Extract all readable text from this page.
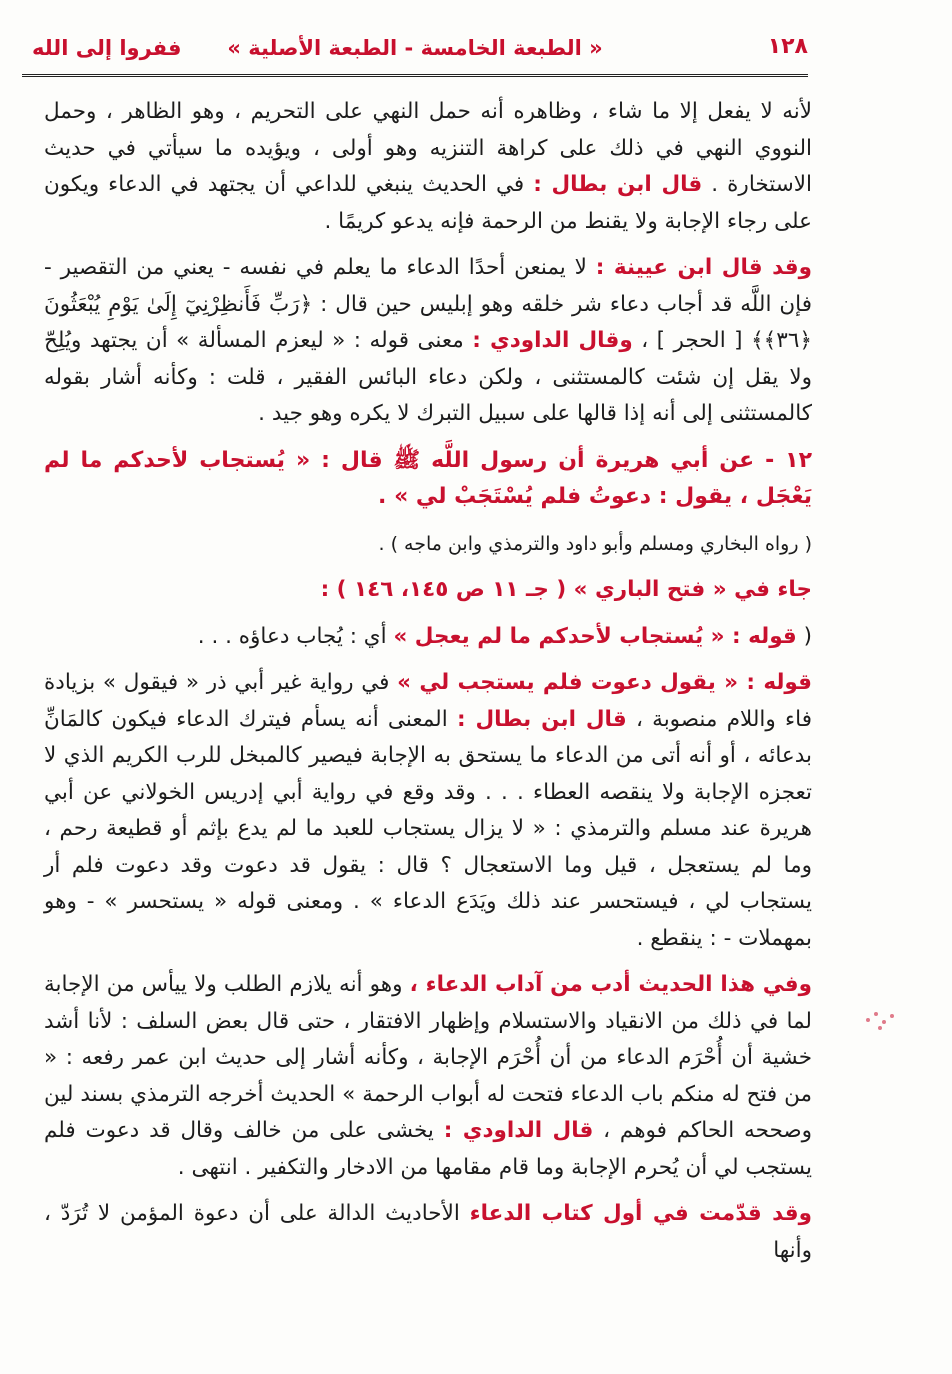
١٢٨
« الطبعة الخامسة - الطبعة الأصلية »
ففروا إلى الله

لأنه لا يفعل إلا ما شاء ، وظاهره أنه حمل النهي على التحريم ، وهو الظاهر ، وحمل النووي النهي في ذلك على كراهة التنزيه وهو أولى ، ويؤيده ما سيأتي في حديث الاستخارة . قال ابن بطال : في الحديث ينبغي للداعي أن يجتهد في الدعاء ويكون على رجاء الإجابة ولا يقنط من الرحمة فإنه يدعو كريمًا .

وقد قال ابن عيينة : لا يمنعن أحدًا الدعاء ما يعلم في نفسه - يعني من التقصير - فإن اللَّه قد أجاب دعاء شر خلقه وهو إبليس حين قال : ﴿رَبِّ فَأَنظِرْنِيٓ إِلَىٰ يَوْمِ يُبْعَثُونَ ﴿٣٦﴾﴾ [ الحجر ] ، وقال الداودي : معنى قوله : « ليعزم المسألة » أن يجتهد ويُلِحّ ولا يقل إن شئت كالمستثنى ، ولكن دعاء البائس الفقير ، قلت : وكأنه أشار بقوله كالمستثنى إلى أنه إذا قالها على سبيل التبرك لا يكره وهو جيد .

١٢ - عن أبي هريرة أن رسول اللَّه ﷺ قال : « يُستجاب لأحدكم ما لم يَعْجَل ، يقول : دعوتُ فلم يُسْتَجَبْ لي » .

( رواه البخاري ومسلم وأبو داود والترمذي وابن ماجه ) .

جاء في « فتح الباري » ( جـ ١١ ص ١٤٥، ١٤٦ ) :

( قوله : « يُستجاب لأحدكم ما لم يعجل » أي : يُجاب دعاؤه . . .

قوله : « يقول دعوت فلم يستجب لي » في رواية غير أبي ذر « فيقول » بزيادة فاء واللام منصوبة ، قال ابن بطال : المعنى أنه يسأم فيترك الدعاء فيكون كالمَانِّ بدعائه ، أو أنه أتى من الدعاء ما يستحق به الإجابة فيصير كالمبخل للرب الكريم الذي لا تعجزه الإجابة ولا ينقصه العطاء . . . وقد وقع في رواية أبي إدريس الخولاني عن أبي هريرة عند مسلم والترمذي : « لا يزال يستجاب للعبد ما لم يدع بإثم أو قطيعة رحم ، وما لم يستعجل ، قيل وما الاستعجال ؟ قال : يقول قد دعوت وقد دعوت فلم أر يستجاب لي ، فيستحسر عند ذلك ويَدَع الدعاء » . ومعنى قوله « يستحسر » - وهو بمهملات - : ينقطع .

وفي هذا الحديث أدب من آداب الدعاء ، وهو أنه يلازم الطلب ولا ييأس من الإجابة لما في ذلك من الانقياد والاستسلام وإظهار الافتقار ، حتى قال بعض السلف : لأنا أشد خشية أن أُحْرَم الدعاء من أن أُحْرَم الإجابة ، وكأنه أشار إلى حديث ابن عمر رفعه : « من فتح له منكم باب الدعاء فتحت له أبواب الرحمة » الحديث أخرجه الترمذي بسند لين وصححه الحاكم فوهم ، قال الداودي : يخشى على من خالف وقال قد دعوت فلم يستجب لي أن يُحرم الإجابة وما قام مقامها من الادخار والتكفير . انتهى .

وقد قدّمت في أول كتاب الدعاء الأحاديث الدالة على أن دعوة المؤمن لا تُرَدّ ، وأنها
